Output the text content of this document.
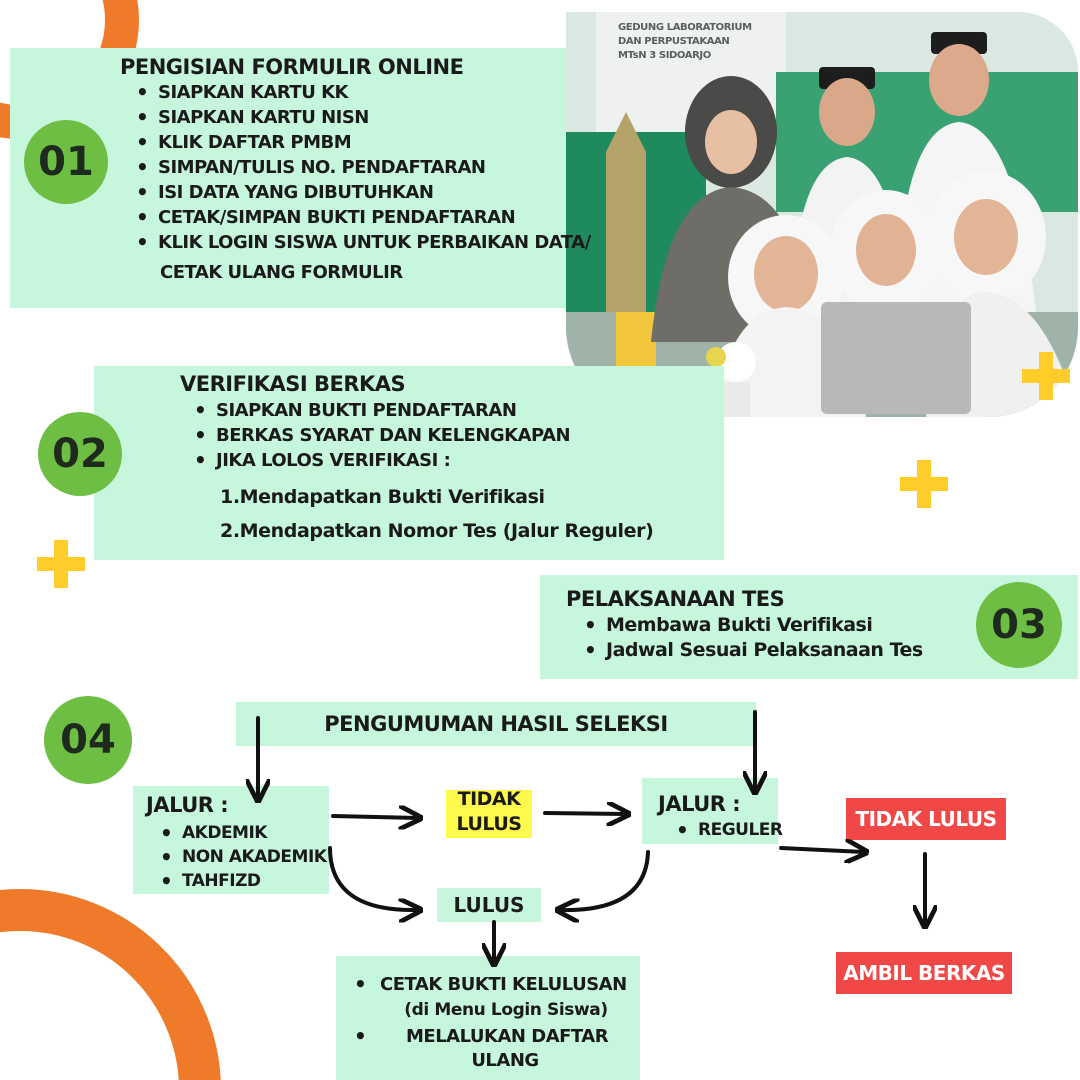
GEDUNG LABORATORIUM
DAN PERPUSTAKAAN
MTsN 3 SIDOARJO
01
PENGISIAN FORMULIR ONLINE
• SIAPKAN KARTU KK
• SIAPKAN KARTU NISN
• KLIK DAFTAR PMBM
• SIMPAN/TULIS NO. PENDAFTARAN
• ISI DATA YANG DIBUTUHKAN
• CETAK/SIMPAN BUKTI PENDAFTARAN
• KLIK LOGIN SISWA UNTUK PERBAIKAN DATA/
CETAK ULANG FORMULIR
02
VERIFIKASI BERKAS
• SIAPKAN BUKTI PENDAFTARAN
• BERKAS SYARAT DAN KELENGKAPAN
• JIKA LOLOS VERIFIKASI :
1.Mendapatkan Bukti Verifikasi
2.Mendapatkan Nomor Tes (Jalur Reguler)
PELAKSANAAN TES
• Membawa Bukti Verifikasi
• Jadwal Sesuai Pelaksanaan Tes
03
04	PENGUMUMAN HASIL SELEKSI
JALUR :
• AKDEMIK
• NON AKADEMIK
• TAHFIZD
TIDAK
LULUS
JALUR :
• REGULER	TIDAK LULUS
AMBIL BERKAS
LULUS
• CETAK BUKTI KELULUSAN
(di Menu Login Siswa)
• MELALUKAN DAFTAR
ULANG
